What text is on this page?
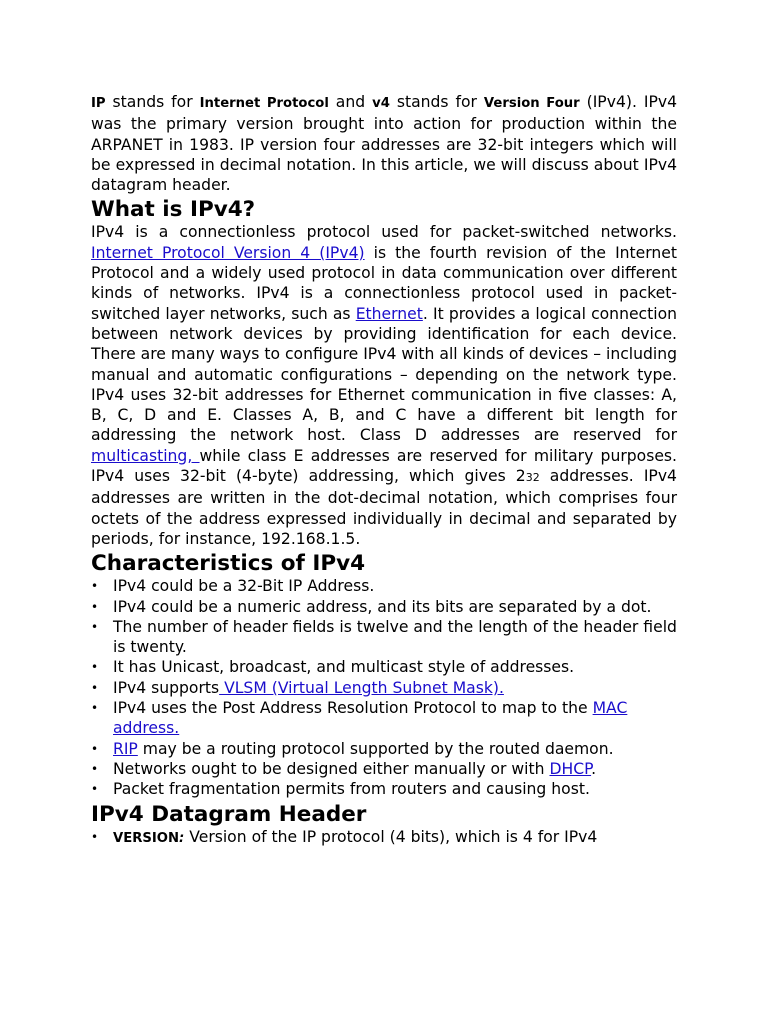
IP stands for Internet Protocol and v4 stands for Version Four (IPv4). IPv4 was the primary version brought into action for production within the ARPANET in 1983. IP version four addresses are 32-bit integers which will be expressed in decimal notation. In this article, we will discuss about IPv4 datagram header.

What is IPv4?

IPv4 is a connectionless protocol used for packet-switched networks. Internet Protocol Version 4 (IPv4) is the fourth revision of the Internet Protocol and a widely used protocol in data communication over different kinds of networks. IPv4 is a connectionless protocol used in packet-switched layer networks, such as Ethernet. It provides a logical connection between network devices by providing identification for each device. There are many ways to configure IPv4 with all kinds of devices – including manual and automatic configurations – depending on the network type. IPv4 uses 32-bit addresses for Ethernet communication in five classes: A, B, C, D and E. Classes A, B, and C have a different bit length for addressing the network host. Class D addresses are reserved for multicasting, while class E addresses are reserved for military purposes. IPv4 uses 32-bit (4-byte) addressing, which gives 232 addresses. IPv4 addresses are written in the dot-decimal notation, which comprises four octets of the address expressed individually in decimal and separated by periods, for instance, 192.168.1.5.

Characteristics of IPv4
• IPv4 could be a 32-Bit IP Address.
• IPv4 could be a numeric address, and its bits are separated by a dot.
• The number of header fields is twelve and the length of the header field is twenty.
• It has Unicast, broadcast, and multicast style of addresses.
• IPv4 supports VLSM (Virtual Length Subnet Mask).
• IPv4 uses the Post Address Resolution Protocol to map to the MAC address.
• RIP may be a routing protocol supported by the routed daemon.
• Networks ought to be designed either manually or with DHCP.
• Packet fragmentation permits from routers and causing host.
IPv4 Datagram Header
• VERSION: Version of the IP protocol (4 bits), which is 4 for IPv4
